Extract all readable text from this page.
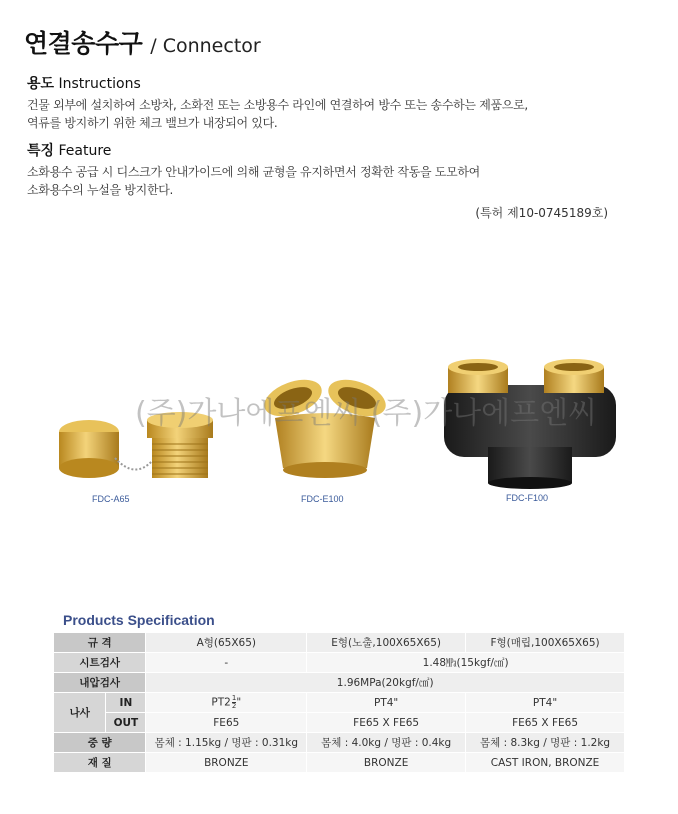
연결송수구 / Connector
용도 Instructions
건물 외부에 설치하여 소방차, 소화전 또는 소방용수 라인에 연결하여 방수 또는 송수하는 제품으로,
역류를 방지하기 위한 체크 밸브가 내장되어 있다.
특징 Feature
소화용수 공급 시 디스크가 안내가이드에 의해 균형을 유지하면서 정확한 작동을 도모하여
소화용수의 누설을 방지한다.
(특허 제10-0745189호)
FDC-A65	FDC-E100	FDC-F100
(주)가나에프엔씨 (주)가나에프엔씨
Products Specification
규 격		A형(65X65)	E형(노출,100X65X65)	F형(매립,100X65X65)
시트검사		-	1.48㎫(15kgf/㎠)	
내압검사		1.96MPa(20kgf/㎠)		
나사	IN	$PT2 \frac{1}{2}$ "	PT4"	PT4"
	OUT	FE65	FE65 X FE65	FE65 X FE65
중 량		몸체 : 1.15kg / 명판 : 0.31kg	몸체 : 4.0kg / 명판 : 0.4kg	몸체 : 8.3kg / 명판 : 1.2kg
재 질		BRONZE	BRONZE	CAST IRON, BRONZE
